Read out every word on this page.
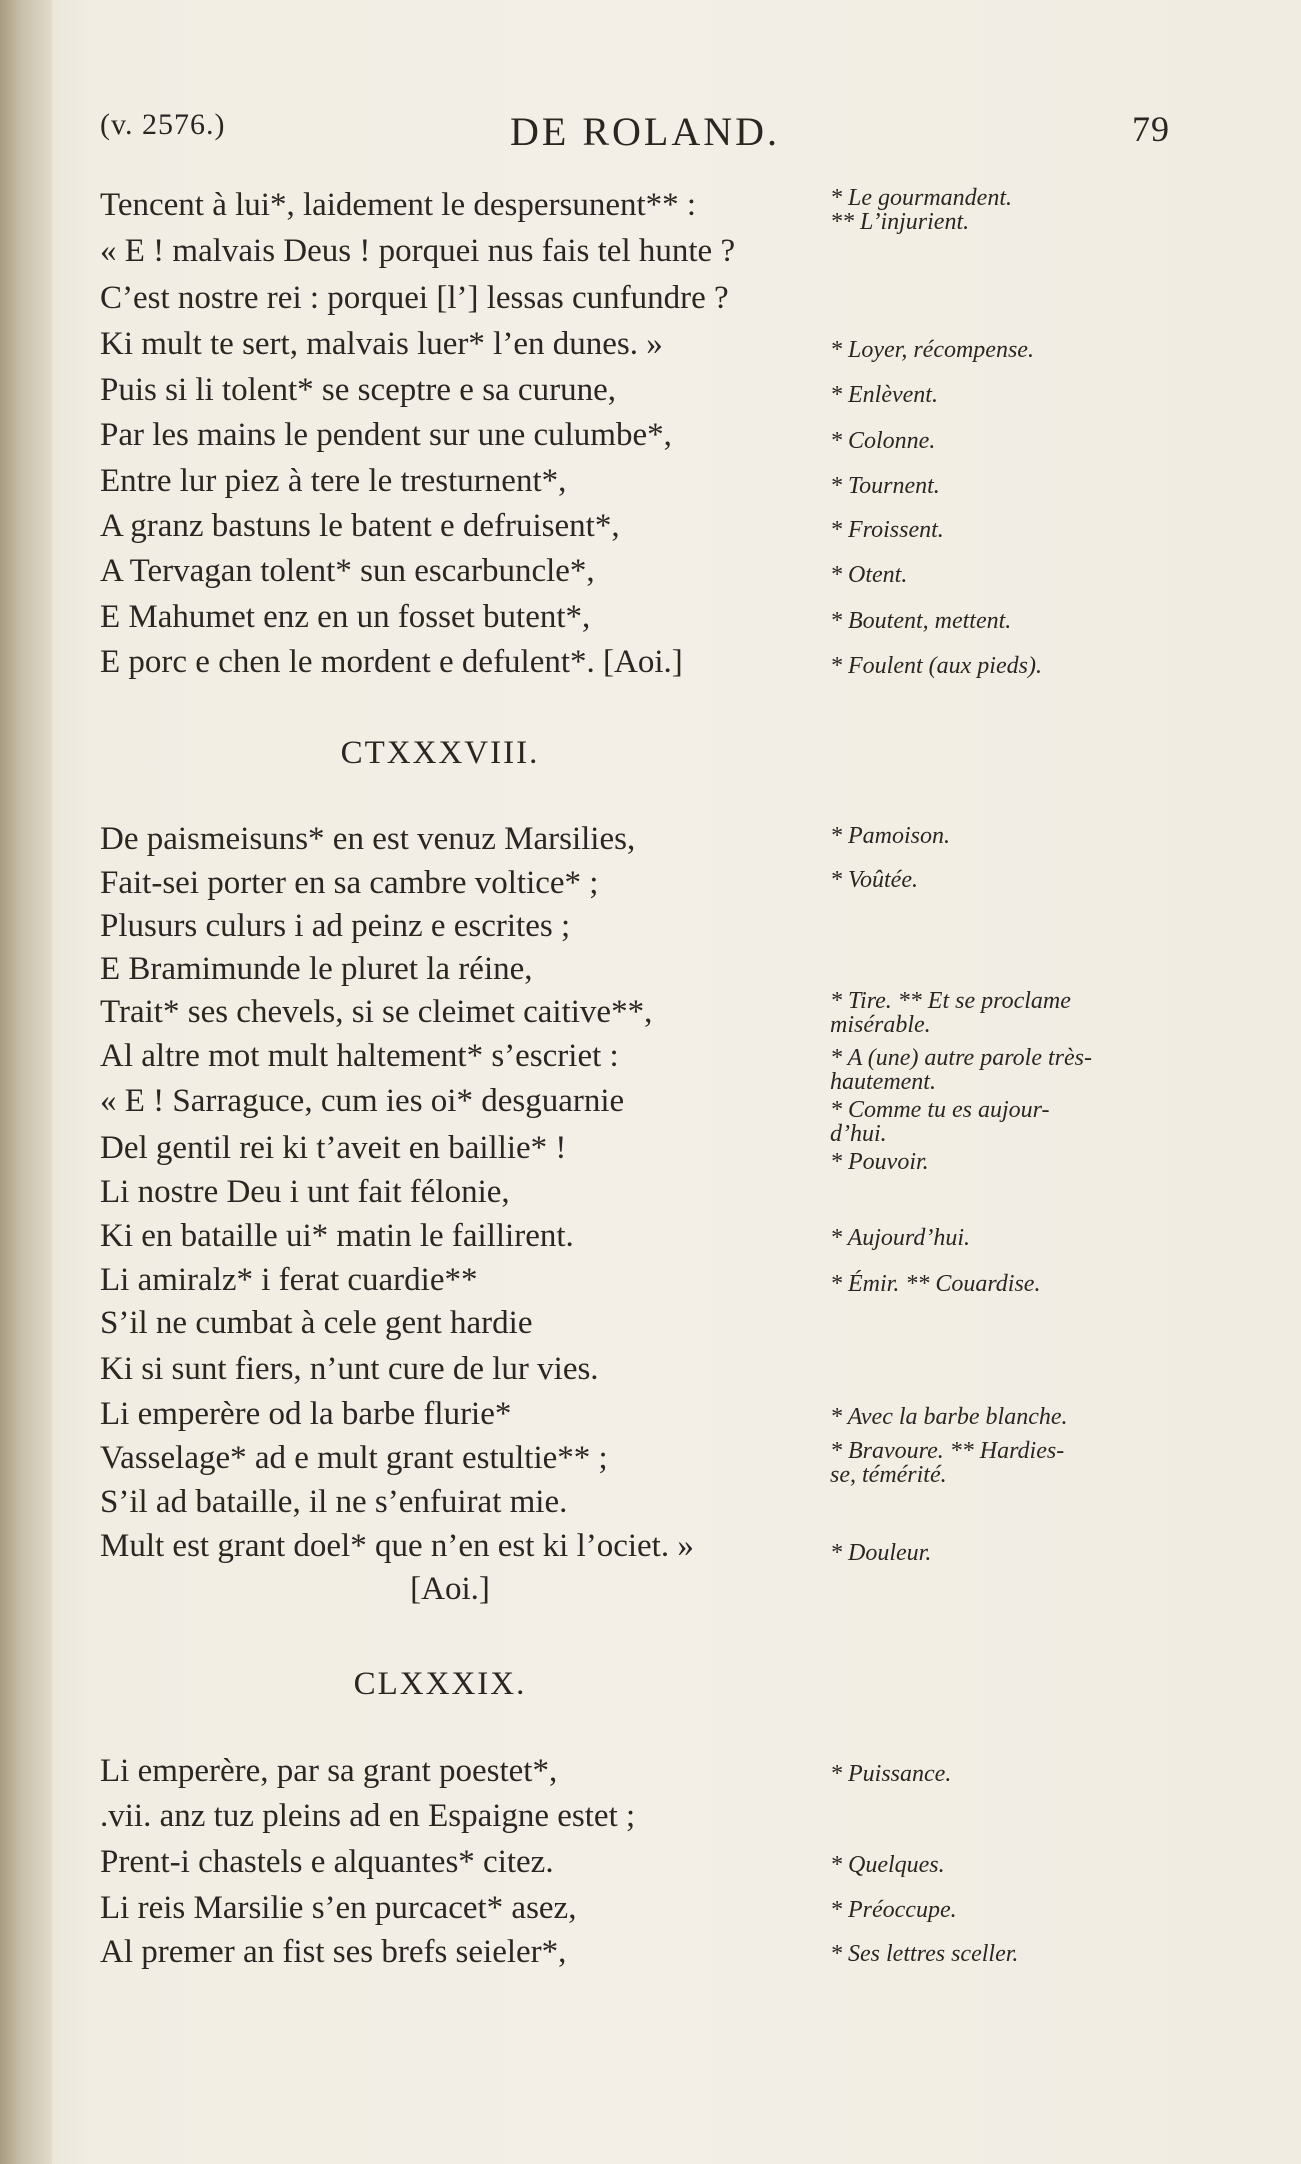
(v. 2576.)	DE ROLAND.	79
Tencent à lui*, laidement le despersunent** :
« E ! malvais Deus ! porquei nus fais tel hunte ?
C’est nostre rei : porquei [l’] lessas cunfundre ?
Ki mult te sert, malvais luer* l’en dunes. »
Puis si li tolent* se sceptre e sa curune,
Par les mains le pendent sur une culumbe*,
Entre lur piez à tere le tresturnent*,
A granz bastuns le batent e defruisent*,
A Tervagan tolent* sun escarbuncle*,
E Mahumet enz en un fosset butent*,
E porc e chen le mordent e defulent*. [Aoi.]
* Le gourmandent.
** L’injurient.
* Loyer, récompense.
* Enlèvent.
* Colonne.
* Tournent.
* Froissent.
* Otent.
* Boutent, mettent.
* Foulent (aux pieds).
CTXXXVIII.
De paismeisuns* en est venuz Marsilies,
Fait-sei porter en sa cambre voltice* ;
Plusurs culurs i ad peinz e escrites ;
E Bramimunde le pluret la réine,
Trait* ses chevels, si se cleimet caitive**,
Al altre mot mult haltement* s’escriet :
« E ! Sarraguce, cum ies oi* desguarnie
Del gentil rei ki t’aveit en baillie* !
Li nostre Deu i unt fait félonie,
Ki en bataille ui* matin le faillirent.
Li amiralz* i ferat cuardie**
S’il ne cumbat à cele gent hardie
Ki si sunt fiers, n’unt cure de lur vies.
Li emperère od la barbe flurie*
Vasselage* ad e mult grant estultie** ;
S’il ad bataille, il ne s’enfuirat mie.
Mult est grant doel* que n’en est ki l’ociet. »
[Aoi.]
* Pamoison.
* Voûtée.
* Tire. ** Et se proclame
misérable.
* A (une) autre parole très-
hautement.
* Comme tu es aujour-
d’hui.
* Pouvoir.
* Aujourd’hui.
* Émir. ** Couardise.
* Avec la barbe blanche.
* Bravoure. ** Hardies-
se, témérité.
* Douleur.
CLXXXIX.
Li emperère, par sa grant poestet*,
.vii. anz tuz pleins ad en Espaigne estet ;
Prent-i chastels e alquantes* citez.
Li reis Marsilie s’en purcacet* asez,
Al premer an fist ses brefs seieler*,
* Puissance.
* Quelques.
* Préoccupe.
* Ses lettres sceller.
